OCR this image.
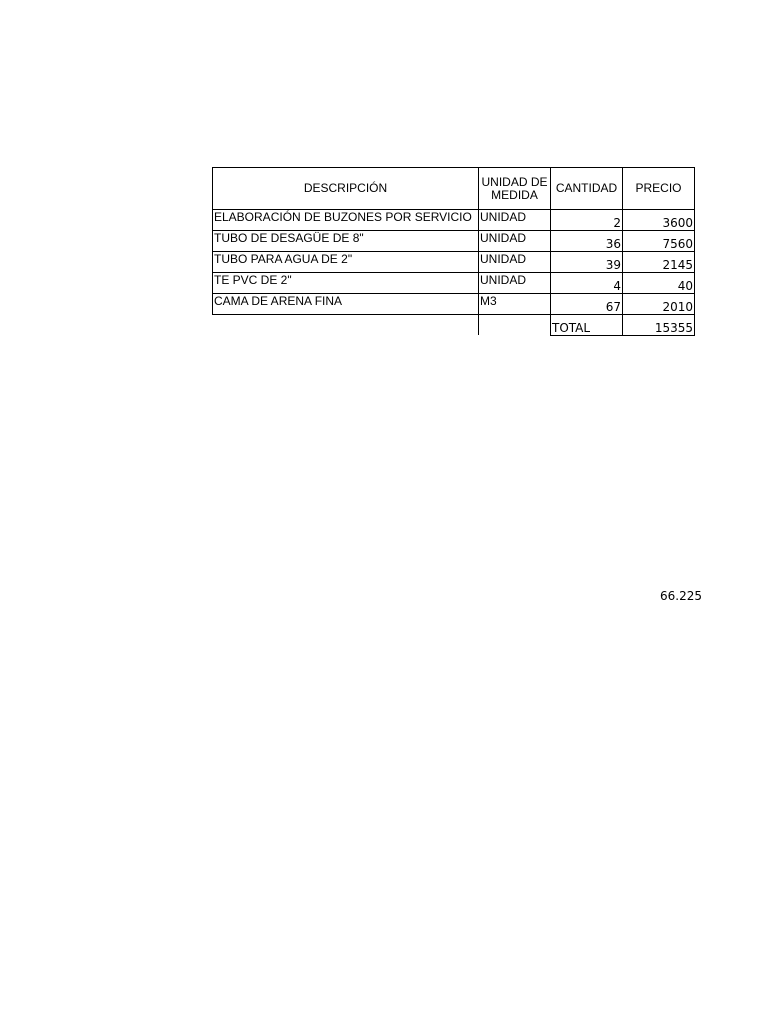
DESCRIPCIÓN	UNIDAD DE MEDIDA	CANTIDAD	PRECIO
ELABORACIÓN DE BUZONES POR SERVICIO	UNIDAD	2	3600
TUBO DE DESAGÜE DE 8"	UNIDAD	36	7560
TUBO PARA AGUA DE 2"	UNIDAD	39	2145
TE PVC DE 2"	UNIDAD	4	40
CAMA DE ARENA FINA	M3	67	2010
		TOTAL	15355
66.225
